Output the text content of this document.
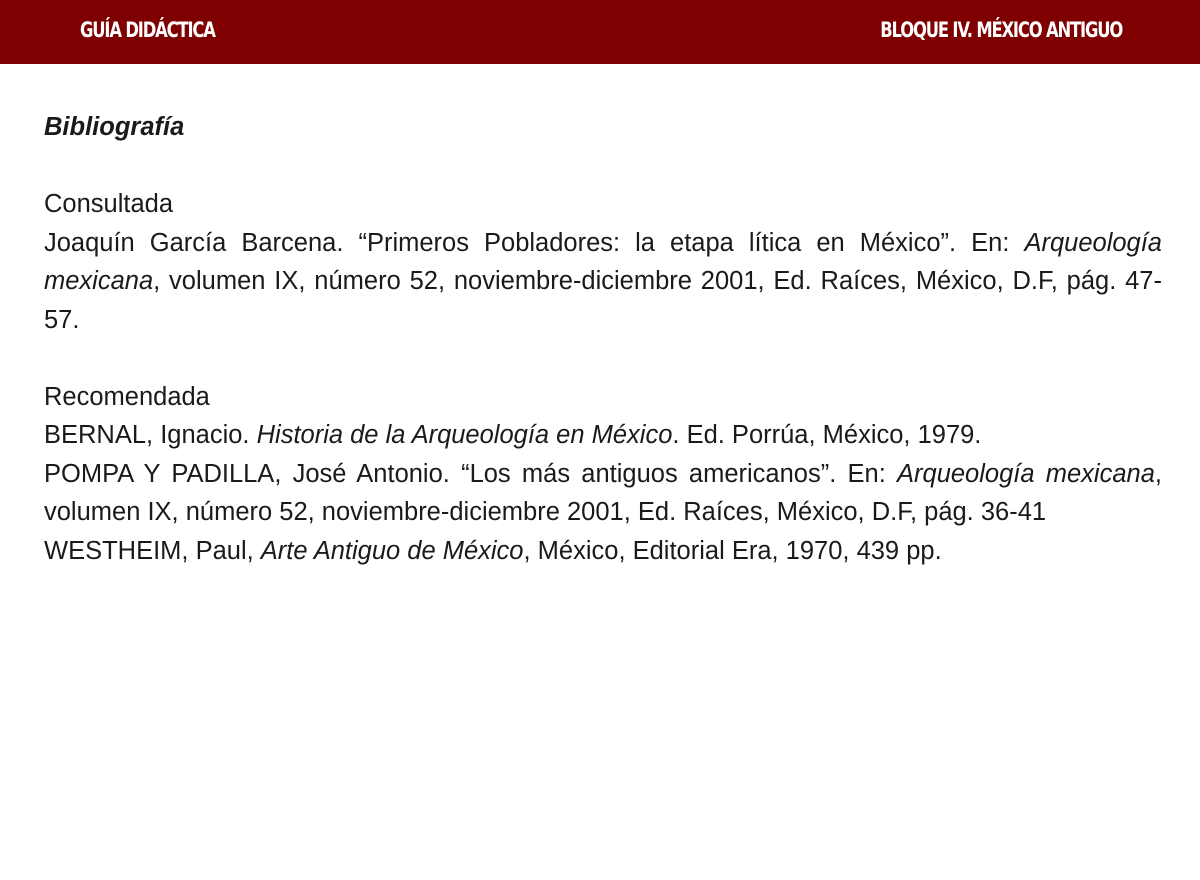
GUÍA DIDÁCTICA	BLOQUE IV. MÉXICO ANTIGUO

Bibliografía

Consultada

Joaquín García Barcena. “Primeros Pobladores: la etapa lítica en México”. En: Arqueología mexicana, volumen IX, número 52, noviembre-diciembre 2001, Ed. Raíces, México, D.F, pág. 47-57.

Recomendada

BERNAL, Ignacio. Historia de la Arqueología en México. Ed. Porrúa, México, 1979.

POMPA Y PADILLA, José Antonio. “Los más antiguos americanos”. En: Arqueología mexicana, volumen IX, número 52, noviembre-diciembre 2001, Ed. Raíces, México, D.F, pág. 36-41

WESTHEIM, Paul, Arte Antiguo de México, México, Editorial Era, 1970, 439 pp.
